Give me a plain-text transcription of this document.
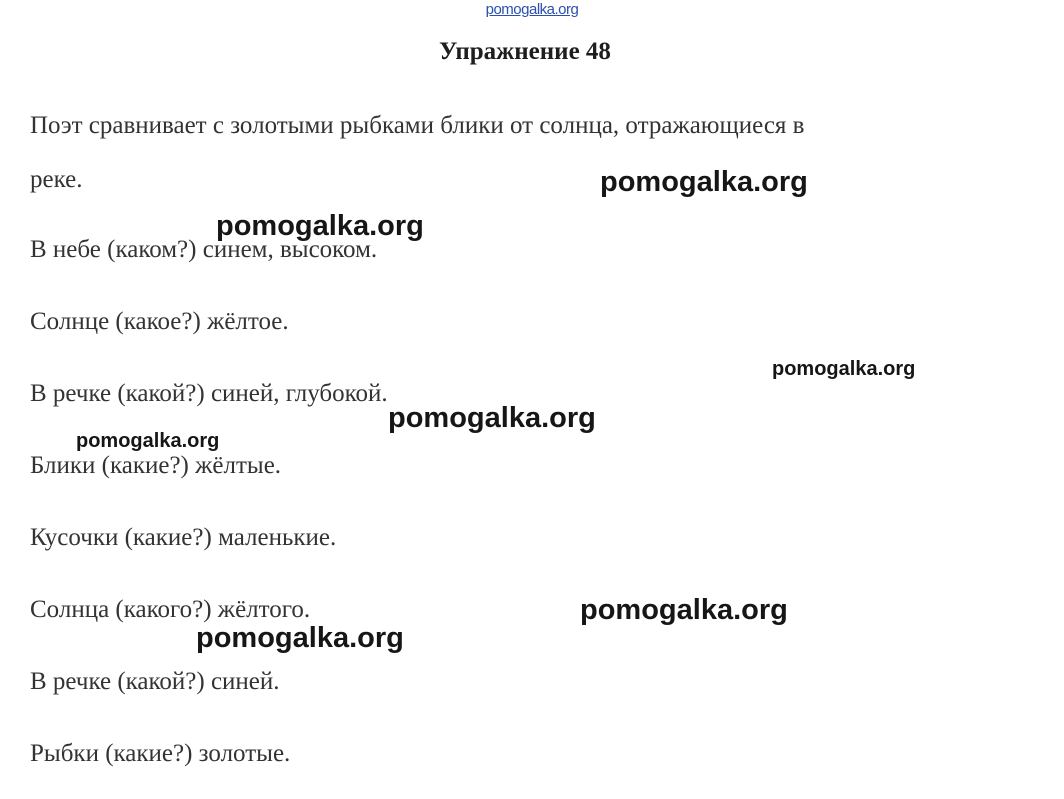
pomogalka.org
Упражнение 48
Поэт сравнивает с золотыми рыбками блики от солнца, отражающиеся в
реке.
В небе (каком?) синем, высоком.
Солнце (какое?) жёлтое.
В речке (какой?) синей, глубокой.
Блики (какие?) жёлтые.
Кусочки (какие?) маленькие.
Солнца (какого?) жёлтого.
В речке (какой?) синей.
Рыбки (какие?) золотые.
pomogalka.org
pomogalka.org
pomogalka.org
pomogalka.org
pomogalka.org
pomogalka.org
pomogalka.org
